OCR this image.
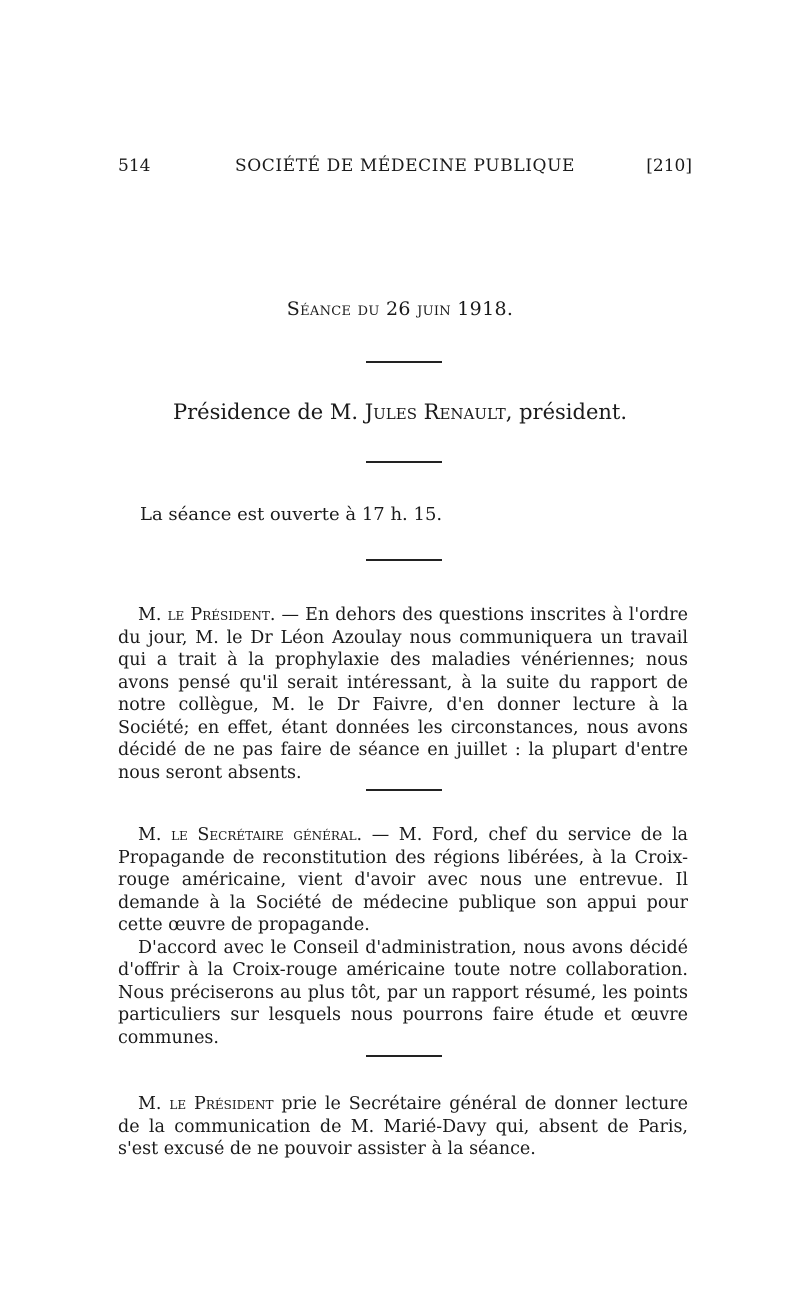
514	SOCIÉTÉ DE MÉDECINE PUBLIQUE	[210]
Séance du 26 juin 1918.
Présidence de M. Jules Renault, président.
La séance est ouverte à 17 h. 15.

M. le Président. — En dehors des questions inscrites à l'ordre du jour, M. le Dr Léon Azoulay nous communiquera un travail qui a trait à la prophylaxie des maladies vénériennes; nous avons pensé qu'il serait intéressant, à la suite du rapport de notre collègue, M. le Dr Faivre, d'en donner lecture à la Société; en effet, étant données les circonstances, nous avons décidé de ne pas faire de séance en juillet : la plupart d'entre nous seront absents.

M. le Secrétaire général. — M. Ford, chef du service de la Propagande de reconstitution des régions libérées, à la Croix-rouge américaine, vient d'avoir avec nous une entrevue. Il demande à la Société de médecine publique son appui pour cette œuvre de propagande.

D'accord avec le Conseil d'administration, nous avons décidé d'offrir à la Croix-rouge américaine toute notre collaboration. Nous préciserons au plus tôt, par un rapport résumé, les points particuliers sur lesquels nous pourrons faire étude et œuvre communes.

M. le Président prie le Secrétaire général de donner lecture de la communication de M. Marié-Davy qui, absent de Paris, s'est excusé de ne pouvoir assister à la séance.
